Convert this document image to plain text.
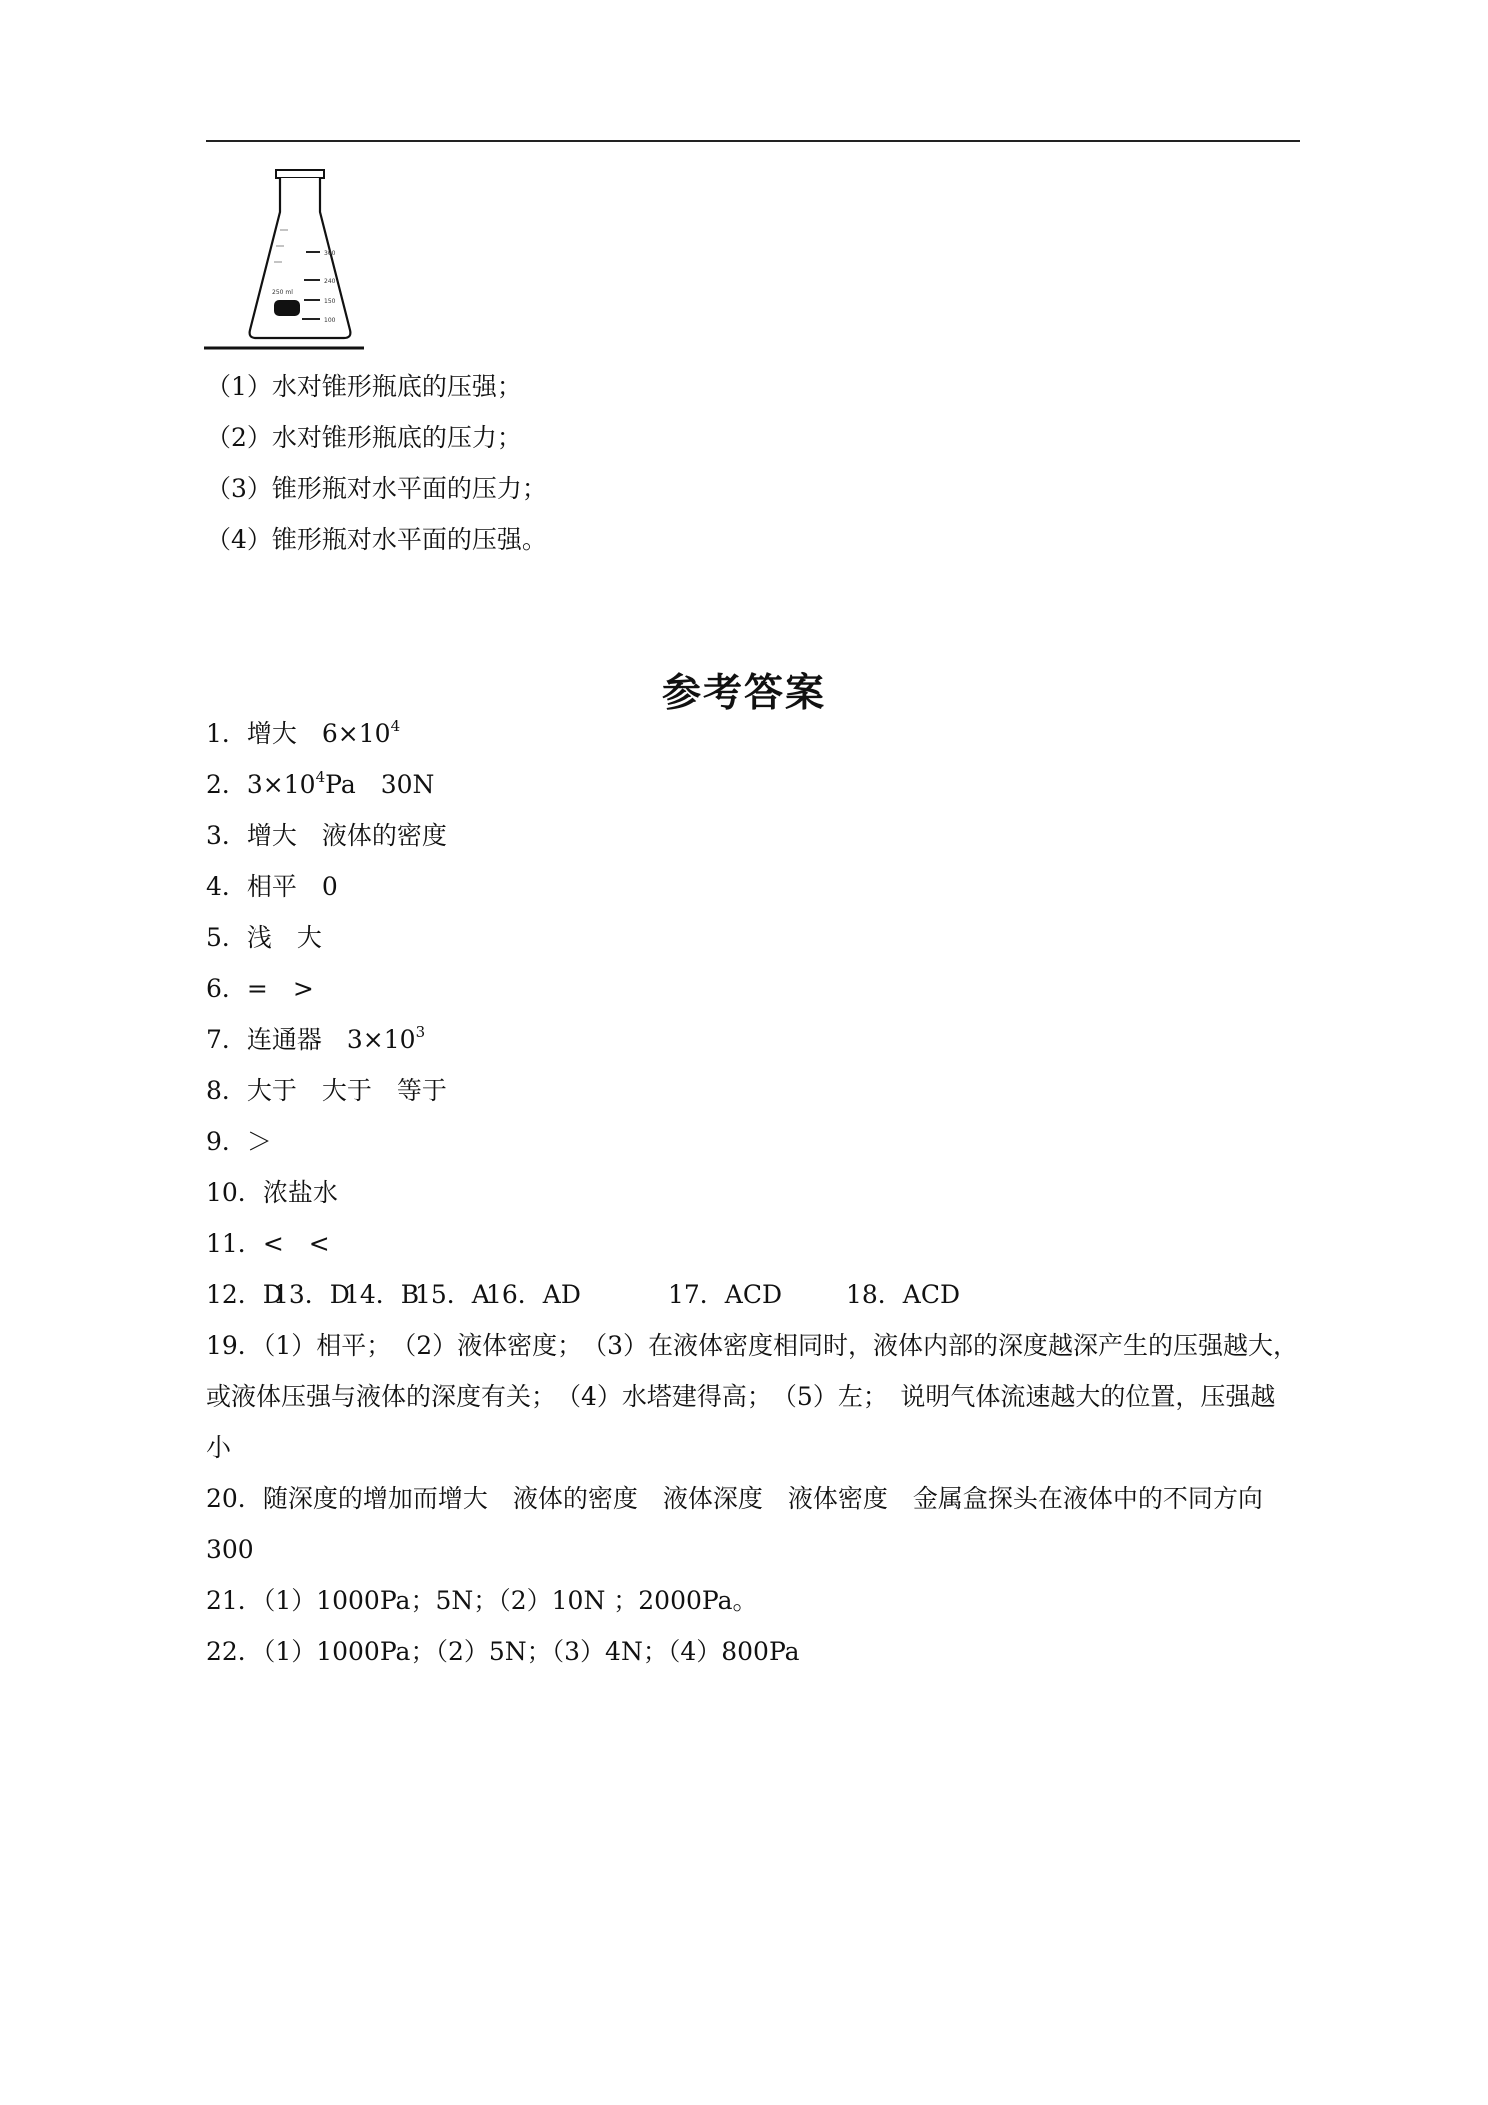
300
240
150
100
250 ml
（1）水对锥形瓶底的压强；
（2）水对锥形瓶底的压力；
（3）锥形瓶对水平面的压力；
（4）锥形瓶对水平面的压强。
参考答案
1．增大　$6\times 10^4$
2．$3\times 10^4Pa$　30N
3．增大　液体的密度
4．相平　0
5．浅　大
6．=　>
7．连通器　$3\times 10^3$
8．大于　大于　等于
9．＞
10．浓盐水
11．<　<
12．D13．D14．B15．A16．AD	17．ACD	18．ACD
19．（1）相平；　（2）液体密度；　（3）在液体密度相同时，液体内部的深度越深产生的压强越大，或液体压强与液体的深度有关；　（4）水塔建得高；　（5）左；　说明气体流速越大的位置，压强越小
20．随深度的增加而增大　液体的密度　液体深度　液体密度　金属盒探头在液体中的不同方向　300
21．（1）1000Pa；5N；（2）10N ；2000Pa。
22．（1）1000Pa；（2）5N；（3）4N；（4）800Pa
